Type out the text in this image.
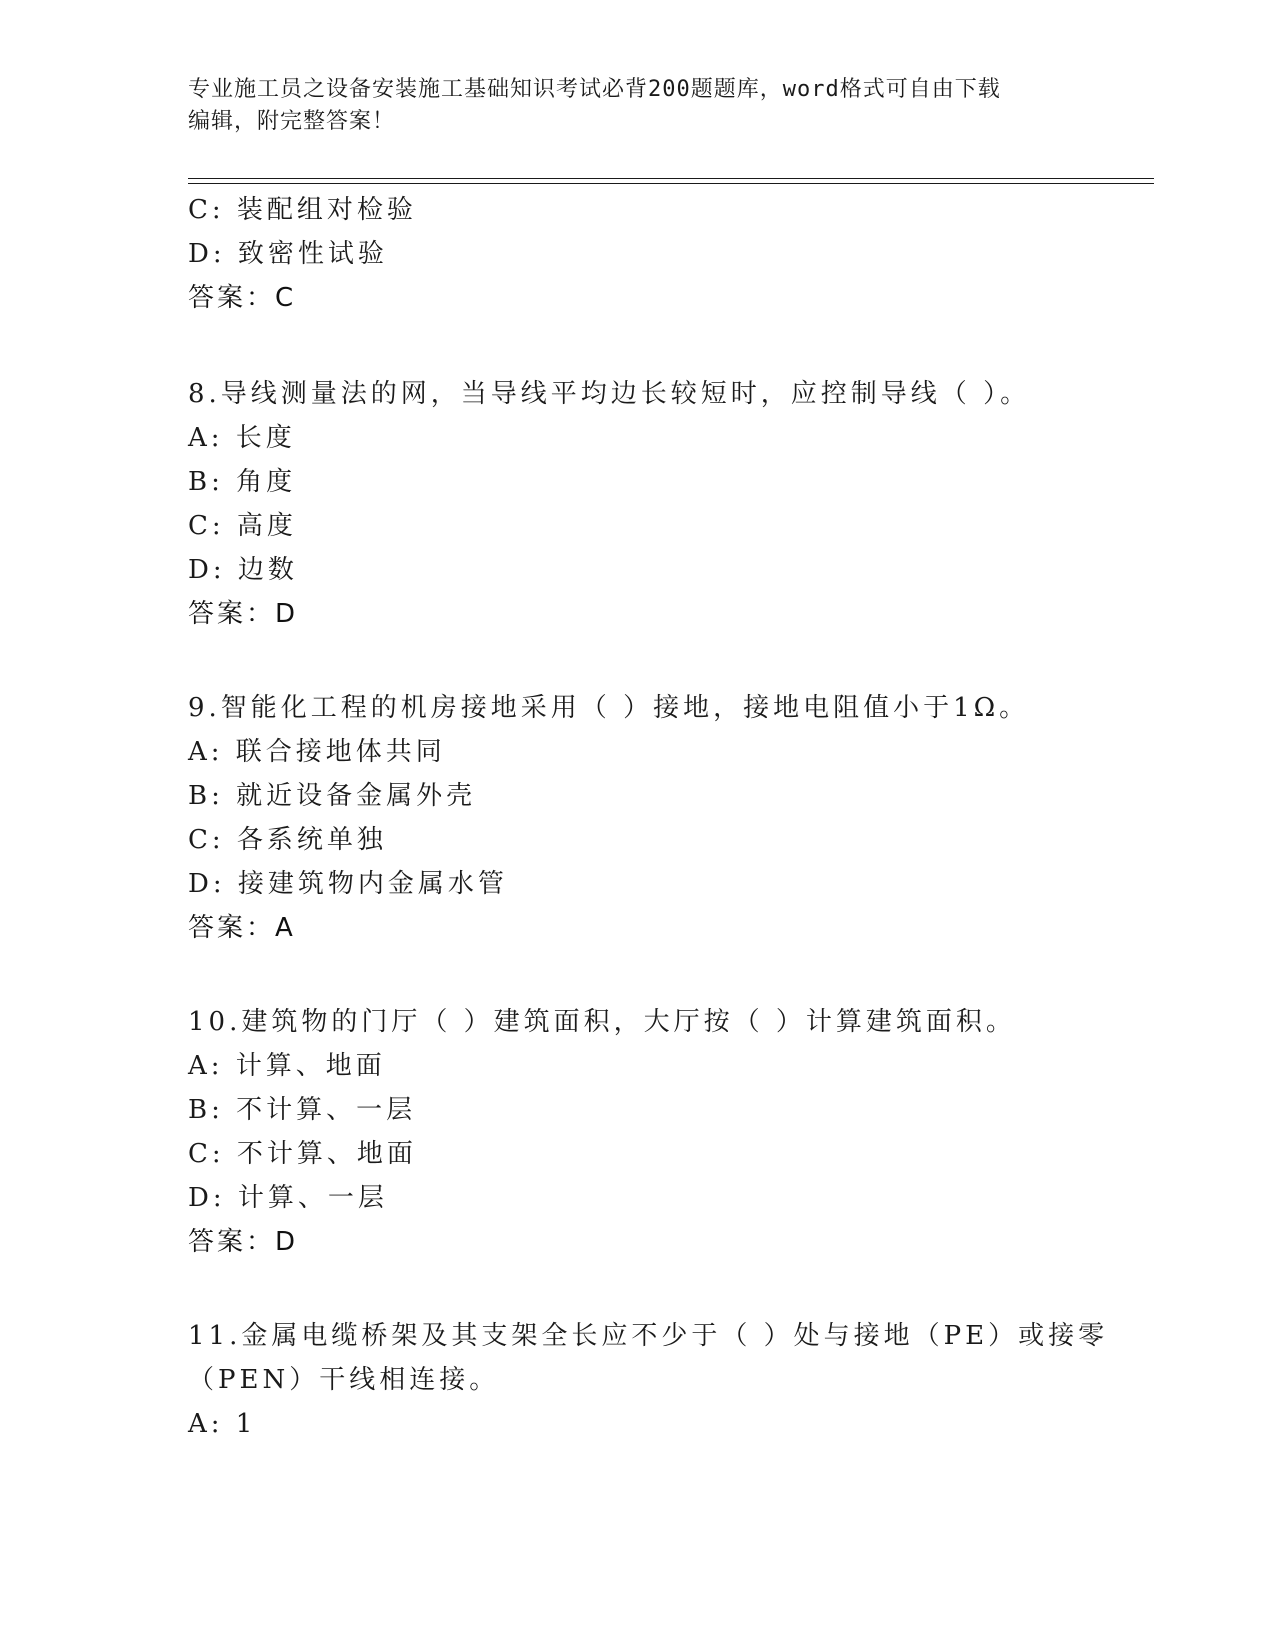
专业施工员之设备安装施工基础知识考试必背200题题库，word格式可自由下载
编辑，附完整答案！
C: 装配组对检验
D: 致密性试验
答案：C
8.导线测量法的网，当导线平均边长较短时，应控制导线（ ）。
A: 长度
B: 角度
C: 高度
D: 边数
答案：D
9.智能化工程的机房接地采用（ ）接地，接地电阻值小于1Ω。
A: 联合接地体共同
B: 就近设备金属外壳
C: 各系统单独
D: 接建筑物内金属水管
答案：A
10.建筑物的门厅（ ）建筑面积，大厅按（ ）计算建筑面积。
A: 计算、地面
B: 不计算、一层
C: 不计算、地面
D: 计算、一层
答案：D
11.金属电缆桥架及其支架全长应不少于（ ）处与接地（PE）或接零
（PEN）干线相连接。
A: 1
